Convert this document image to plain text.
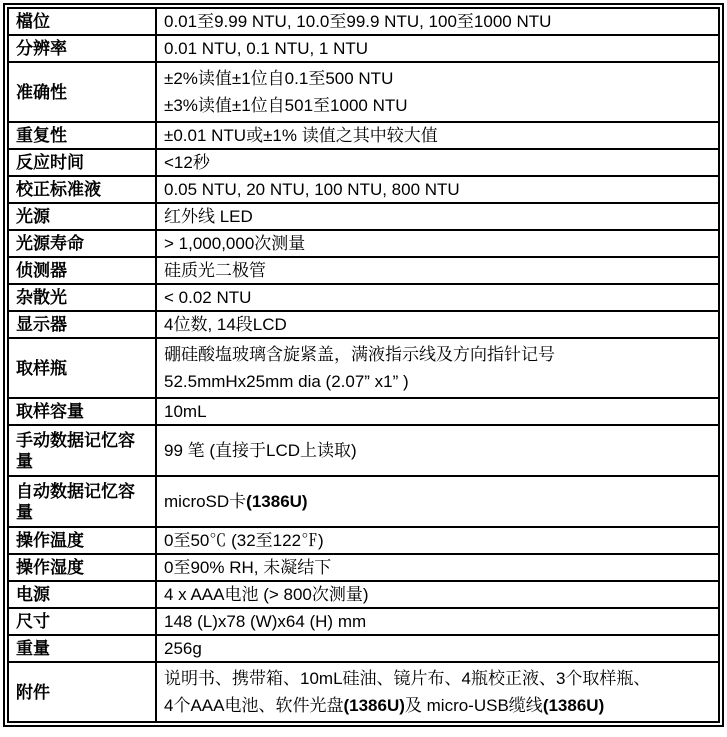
檔位	0.01至9.99 NTU, 10.0至99.9 NTU, 100至1000 NTU

分辨率	0.01 NTU, 0.1 NTU, 1 NTU

准确性	±2%读值±1位自0.1至500 NTU
±3%读值±1位自501至1000 NTU

重复性	±0.01 NTU或±1% 读值之其中较大值

反应时间	<12秒

校正标准液	0.05 NTU, 20 NTU, 100 NTU, 800 NTU

光源	红外线 LED

光源寿命	> 1,000,000次测量

侦测器	硅质光二极管

杂散光	< 0.02 NTU

显示器	4位数, 14段LCD

取样瓶	硼硅酸塩玻璃含旋紧盖，满液指示线及方向指针记号
52.5mmHx25mm dia (2.07” x1” )

取样容量	10mL

手动数据记忆容量	99 笔 (直接于LCD上读取)

自动数据记忆容量	microSD卡(1386U)

操作温度	0至50℃ (32至122℉)

操作湿度	0至90% RH, 未凝结下

电源	4 x AAA电池 (> 800次测量)

尺寸	148 (L)x78 (W)x64 (H) mm

重量	256g

附件	说明书、携带箱、10mL硅油、镜片布、4瓶校正液、3个取样瓶、
4个AAA电池、软件光盘(1386U)及 micro-USB缆线(1386U)
